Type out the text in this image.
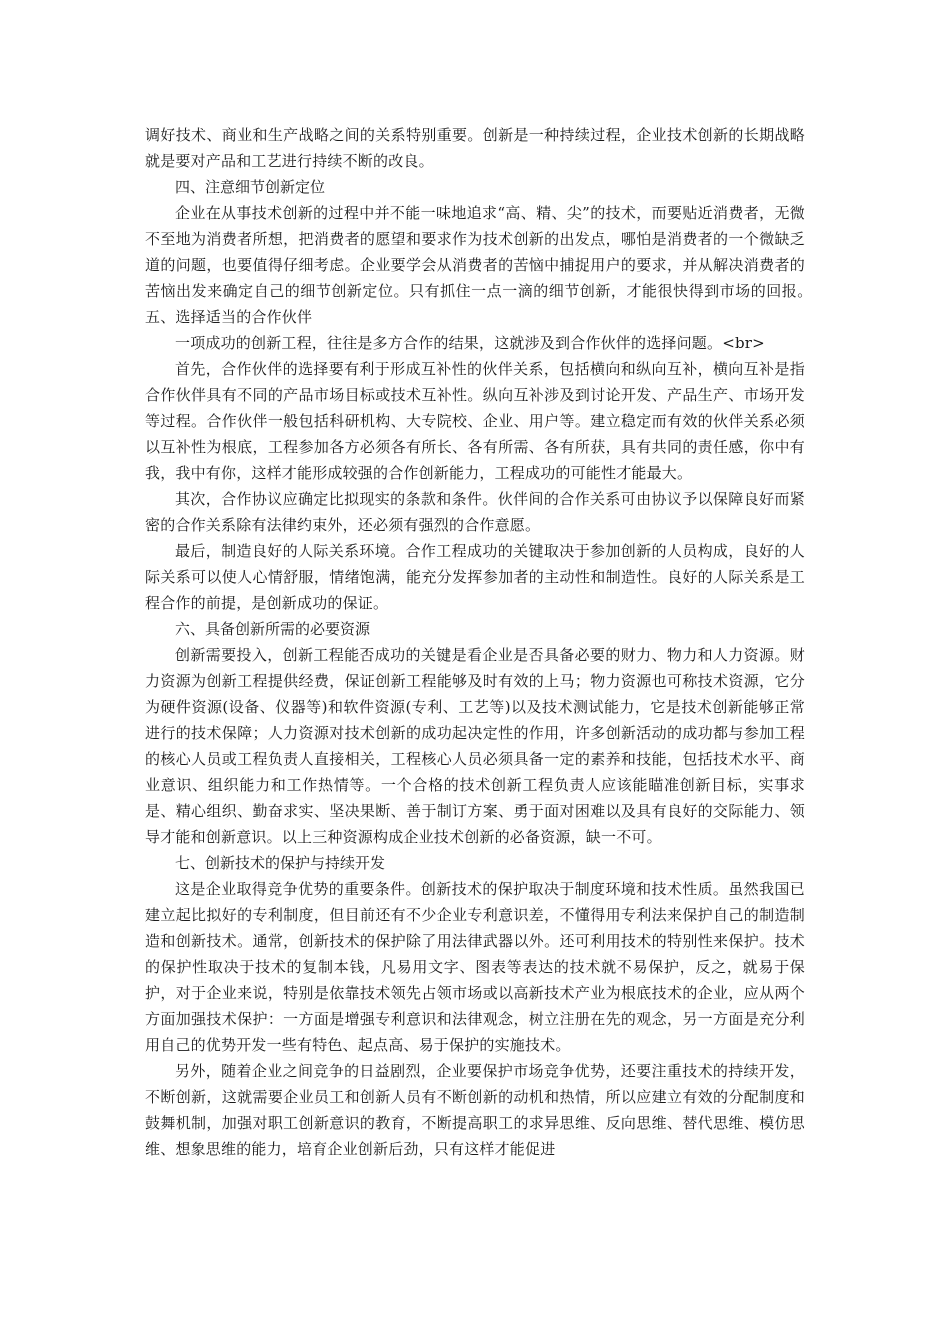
调好技术、商业和生产战略之间的关系特别重要。创新是一种持续过程，企业技术创新的长期战略就是要对产品和工艺进行持续不断的改良。

四、注意细节创新定位

企业在从事技术创新的过程中并不能一味地追求“高、精、尖”的技术，而要贴近消费者，无微不至地为消费者所想，把消费者的愿望和要求作为技术创新的出发点，哪怕是消费者的一个微缺乏道的问题，也要值得仔细考虑。企业要学会从消费者的苦恼中捕捉用户的要求，并从解决消费者的苦恼出发来确定自己的细节创新定位。只有抓住一点一滴的细节创新，才能很快得到市场的回报。　　　五、选择适当的合作伙伴

一项成功的创新工程，往往是多方合作的结果，这就涉及到合作伙伴的选择问题。<br>

首先，合作伙伴的选择要有利于形成互补性的伙伴关系，包括横向和纵向互补，横向互补是指合作伙伴具有不同的产品市场目标或技术互补性。纵向互补涉及到讨论开发、产品生产、市场开发等过程。合作伙伴一般包括科研机构、大专院校、企业、用户等。建立稳定而有效的伙伴关系必须以互补性为根底，工程参加各方必须各有所长、各有所需、各有所获，具有共同的责任感，你中有我，我中有你，这样才能形成较强的合作创新能力，工程成功的可能性才能最大。

其次，合作协议应确定比拟现实的条款和条件。伙伴间的合作关系可由协议予以保障良好而紧密的合作关系除有法律约束外，还必须有强烈的合作意愿。

最后，制造良好的人际关系环境。合作工程成功的关键取决于参加创新的人员构成，良好的人际关系可以使人心情舒服，情绪饱满，能充分发挥参加者的主动性和制造性。良好的人际关系是工程合作的前提，是创新成功的保证。

六、具备创新所需的必要资源

创新需要投入，创新工程能否成功的关键是看企业是否具备必要的财力、物力和人力资源。财力资源为创新工程提供经费，保证创新工程能够及时有效的上马；物力资源也可称技术资源，它分为硬件资源(设备、仪器等)和软件资源(专利、工艺等)以及技术测试能力，它是技术创新能够正常进行的技术保障；人力资源对技术创新的成功起决定性的作用，许多创新活动的成功都与参加工程的核心人员或工程负责人直接相关，工程核心人员必须具备一定的素养和技能，包括技术水平、商业意识、组织能力和工作热情等。一个合格的技术创新工程负责人应该能瞄准创新目标，实事求是、精心组织、勤奋求实、坚决果断、善于制订方案、勇于面对困难以及具有良好的交际能力、领导才能和创新意识。以上三种资源构成企业技术创新的必备资源，缺一不可。

七、创新技术的保护与持续开发

这是企业取得竞争优势的重要条件。创新技术的保护取决于制度环境和技术性质。虽然我国已建立起比拟好的专利制度，但目前还有不少企业专利意识差，不懂得用专利法来保护自己的制造制造和创新技术。通常，创新技术的保护除了用法律武器以外。还可利用技术的特别性来保护。技术的保护性取决于技术的复制本钱，凡易用文字、图表等表达的技术就不易保护，反之，就易于保护，对于企业来说，特别是依靠技术领先占领市场或以高新技术产业为根底技术的企业，应从两个方面加强技术保护：一方面是增强专利意识和法律观念，树立注册在先的观念，另一方面是充分利用自己的优势开发一些有特色、起点高、易于保护的实施技术。

另外，随着企业之间竞争的日益剧烈，企业要保护市场竞争优势，还要注重技术的持续开发，不断创新，这就需要企业员工和创新人员有不断创新的动机和热情，所以应建立有效的分配制度和鼓舞机制，加强对职工创新意识的教育，不断提高职工的求异思维、反向思维、替代思维、模仿思维、想象思维的能力，培育企业创新后劲，只有这样才能促进
